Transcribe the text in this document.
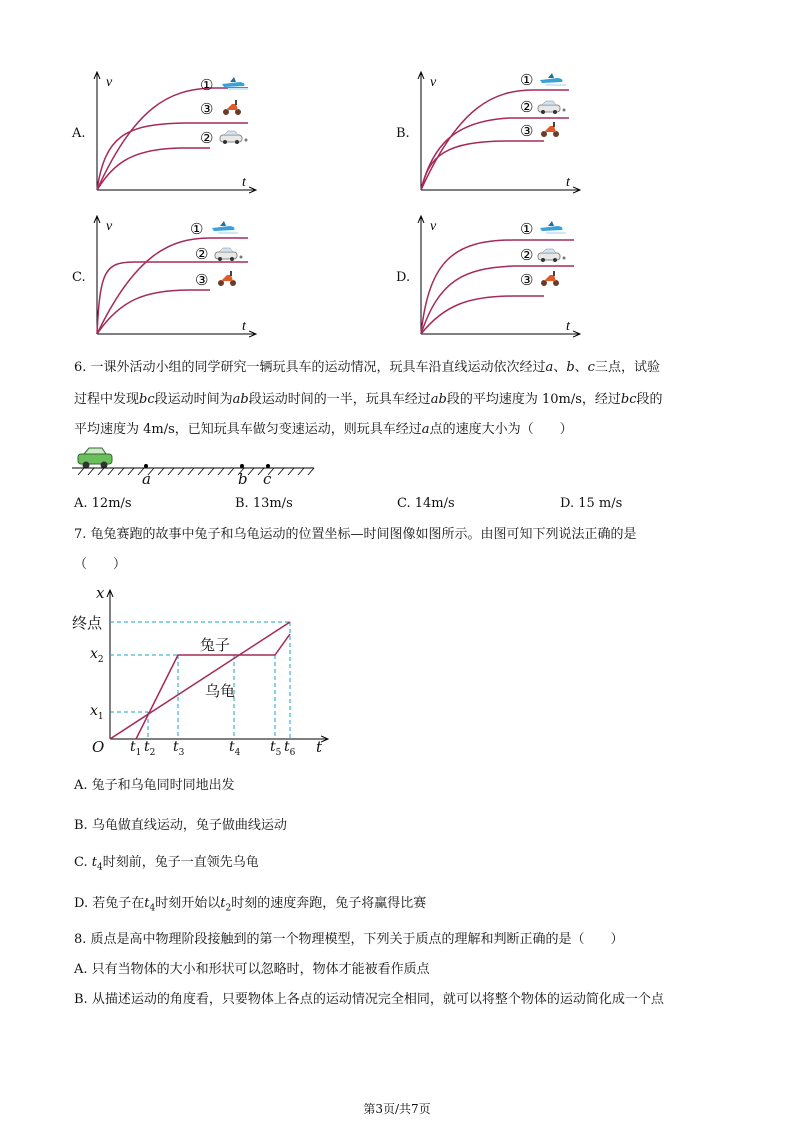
v
t
①
③
②
A.
v
t
①
②
③
B.
v
t
①
②
③
C.
v
t
①
②
③
D.
6. 一课外活动小组的同学研究一辆玩具车的运动情况，玩具车沿直线运动依次经过a、b、c三点，试验
过程中发现bc段运动时间为ab段运动时间的一半，玩具车经过ab段的平均速度为 10m/s，经过bc段的
平均速度为 4m/s，已知玩具车做匀变速运动，则玩具车经过a点的速度大小为（　　）
a	b c
A. 12m/s	B. 13m/s	C. 14m/s	D. 15 m/s
7. 龟兔赛跑的故事中兔子和乌龟运动的位置坐标—时间图像如图所示。由图可知下列说法正确的是
（　　）
x
终点
$x_2$
$x_1$
兔子
乌龟
O	t
$t_1$ $t_2$ $t_3$	$t_4$ $t_5$ $t_6$
A. 兔子和乌龟同时同地出发
B. 乌龟做直线运动，兔子做曲线运动
C. $t_4$时刻前，兔子一直领先乌龟
D. 若兔子在$t_4$时刻开始以$t_2$时刻的速度奔跑，兔子将赢得比赛
8. 质点是高中物理阶段接触到的第一个物理模型，下列关于质点的理解和判断正确的是（　　）
A. 只有当物体的大小和形状可以忽略时，物体才能被看作质点
B. 从描述运动的角度看，只要物体上各点的运动情况完全相同，就可以将整个物体的运动简化成一个点
第3页/共7页
